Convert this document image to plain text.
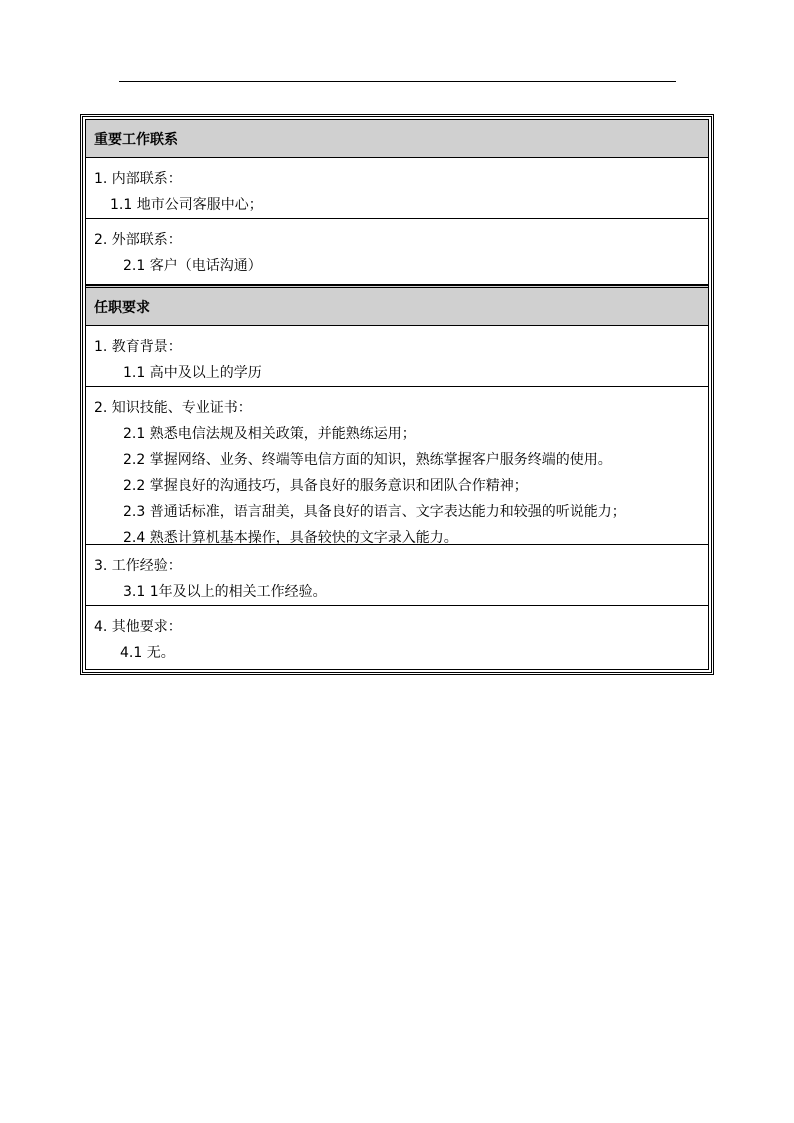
重要工作联系
1. 内部联系：
1.1 地市公司客服中心；
2. 外部联系：
2.1 客户（电话沟通）
任职要求
1. 教育背景：
1.1 高中及以上的学历
2. 知识技能、专业证书：
2.1 熟悉电信法规及相关政策，并能熟练运用；
2.2 掌握网络、业务、终端等电信方面的知识，熟练掌握客户服务终端的使用。
2.2 掌握良好的沟通技巧，具备良好的服务意识和团队合作精神；
2.3 普通话标准，语言甜美，具备良好的语言、文字表达能力和较强的听说能力；
2.4 熟悉计算机基本操作，具备较快的文字录入能力。
3. 工作经验：
3.1 1年及以上的相关工作经验。
4. 其他要求：
4.1 无。
